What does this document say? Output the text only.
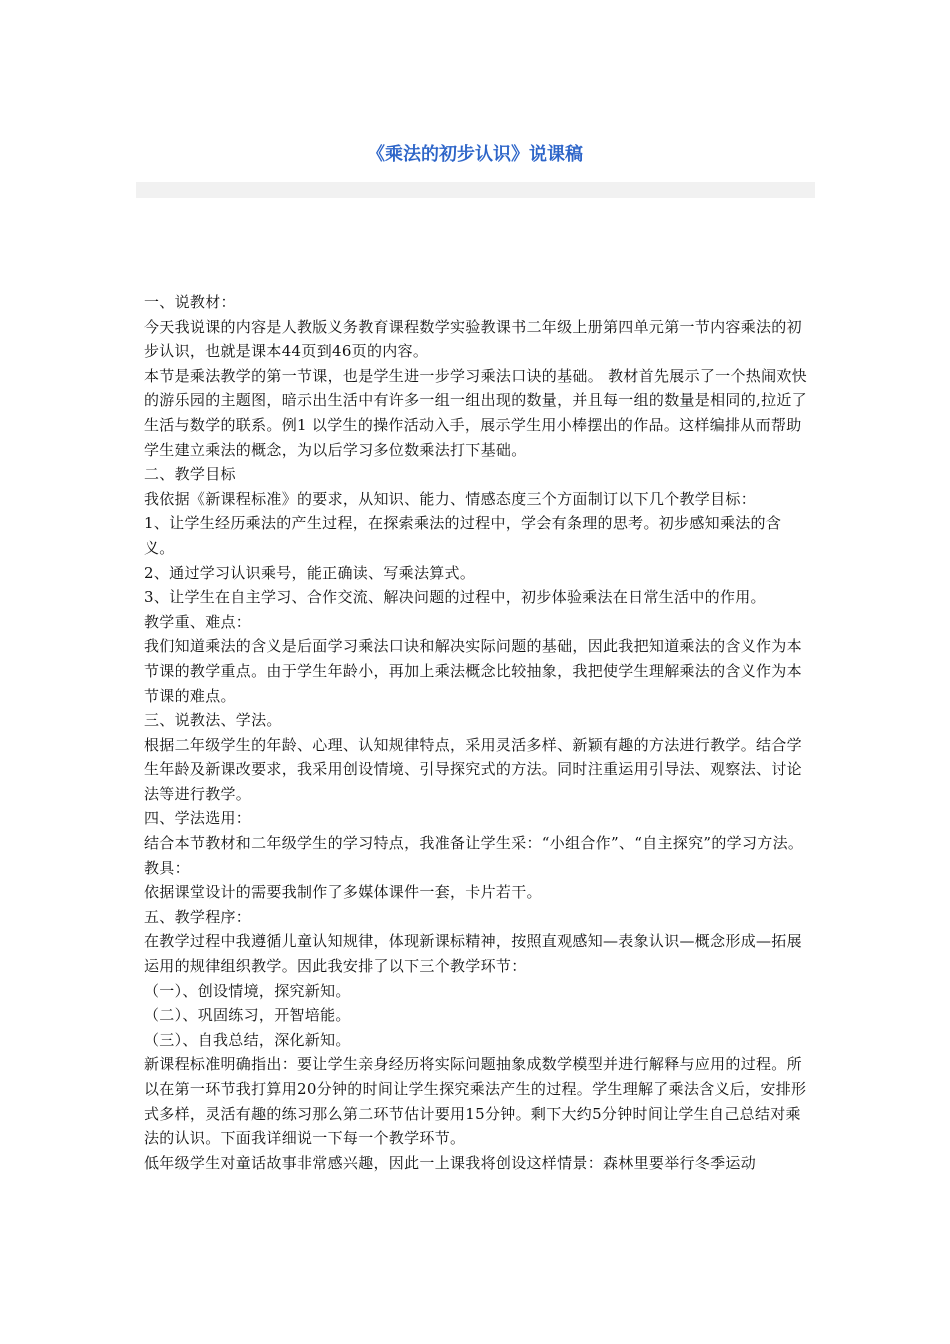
《乘法的初步认识》说课稿

一、说教材：

今天我说课的内容是人教版义务教育课程数学实验教课书二年级上册第四单元第一节内容乘法的初步认识，也就是课本44页到46页的内容。

本节是乘法教学的第一节课，也是学生进一步学习乘法口诀的基础。 教材首先展示了一个热闹欢快的游乐园的主题图，暗示出生活中有许多一组一组出现的数量，并且每一组的数量是相同的,拉近了生活与数学的联系。例1 以学生的操作活动入手，展示学生用小棒摆出的作品。这样编排从而帮助学生建立乘法的概念，为以后学习多位数乘法打下基础。

二、教学目标

我依据《新课程标准》的要求，从知识、能力、情感态度三个方面制订以下几个教学目标：

1、让学生经历乘法的产生过程，在探索乘法的过程中，学会有条理的思考。初步感知乘法的含义。

2、通过学习认识乘号，能正确读、写乘法算式。

3、让学生在自主学习、合作交流、解决问题的过程中，初步体验乘法在日常生活中的作用。

教学重、难点：

我们知道乘法的含义是后面学习乘法口诀和解决实际问题的基础，因此我把知道乘法的含义作为本节课的教学重点。由于学生年龄小，再加上乘法概念比较抽象，我把使学生理解乘法的含义作为本节课的难点。

三、说教法、学法。

根据二年级学生的年龄、心理、认知规律特点，采用灵活多样、新颖有趣的方法进行教学。结合学生年龄及新课改要求，我采用创设情境、引导探究式的方法。同时注重运用引导法、观察法、讨论法等进行教学。

四、学法选用：

结合本节教材和二年级学生的学习特点，我准备让学生采：“小组合作”、“自主探究”的学习方法。

教具：

依据课堂设计的需要我制作了多媒体课件一套，卡片若干。

五、教学程序：

在教学过程中我遵循儿童认知规律，体现新课标精神，按照直观感知—表象认识—概念形成—拓展运用的规律组织教学。因此我安排了以下三个教学环节：

（一）、创设情境，探究新知。

（二）、巩固练习，开智培能。

（三）、自我总结，深化新知。

新课程标准明确指出：要让学生亲身经历将实际问题抽象成数学模型并进行解释与应用的过程。所以在第一环节我打算用20分钟的时间让学生探究乘法产生的过程。学生理解了乘法含义后，安排形式多样，灵活有趣的练习那么第二环节估计要用15分钟。剩下大约5分钟时间让学生自己总结对乘法的认识。下面我详细说一下每一个教学环节。

低年级学生对童话故事非常感兴趣，因此一上课我将创设这样情景：森林里要举行冬季运动
